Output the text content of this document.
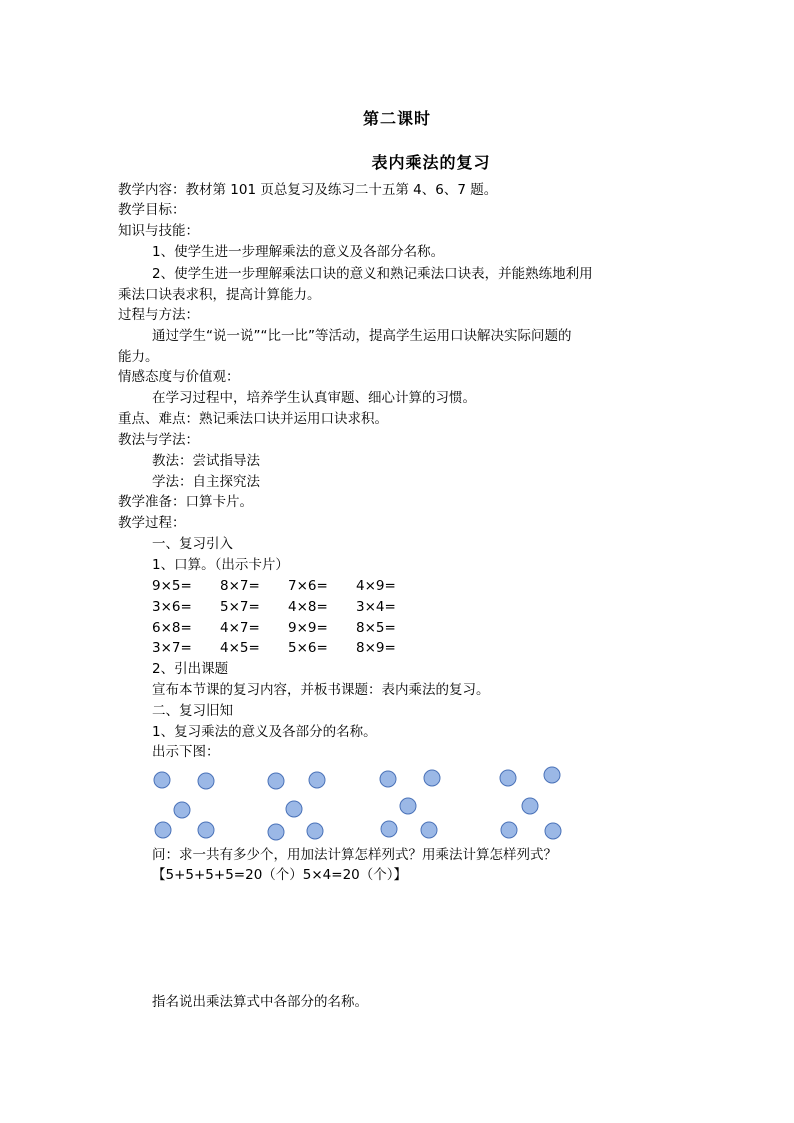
第二课时
表内乘法的复习
教学内容：教材第 101 页总复习及练习二十五第 4、6、7 题。
教学目标：
知识与技能：
1、使学生进一步理解乘法的意义及各部分名称。
2、使学生进一步理解乘法口诀的意义和熟记乘法口诀表，并能熟练地利用
乘法口诀表求积，提高计算能力。
过程与方法：
通过学生“说一说”“比一比”等活动，提高学生运用口诀解决实际问题的
能力。
情感态度与价值观：
在学习过程中，培养学生认真审题、细心计算的习惯。
重点、难点：熟记乘法口诀并运用口诀求积。
教法与学法：
教法：尝试指导法
学法：自主探究法
教学准备：口算卡片。
教学过程：
一、复习引入
1、口算。（出示卡片）
9×5= 8×7= 7×6= 4×9=
3×6= 5×7= 4×8= 3×4=
6×8= 4×7= 9×9= 8×5=
3×7= 4×5= 5×6= 8×9=
2、引出课题
宣布本节课的复习内容，并板书课题：表内乘法的复习。
二、复习旧知
1、复习乘法的意义及各部分的名称。
出示下图：
问：求一共有多少个，用加法计算怎样列式？用乘法计算怎样列式？
【5+5+5+5=20（个）5×4=20（个）】
指名说出乘法算式中各部分的名称。
